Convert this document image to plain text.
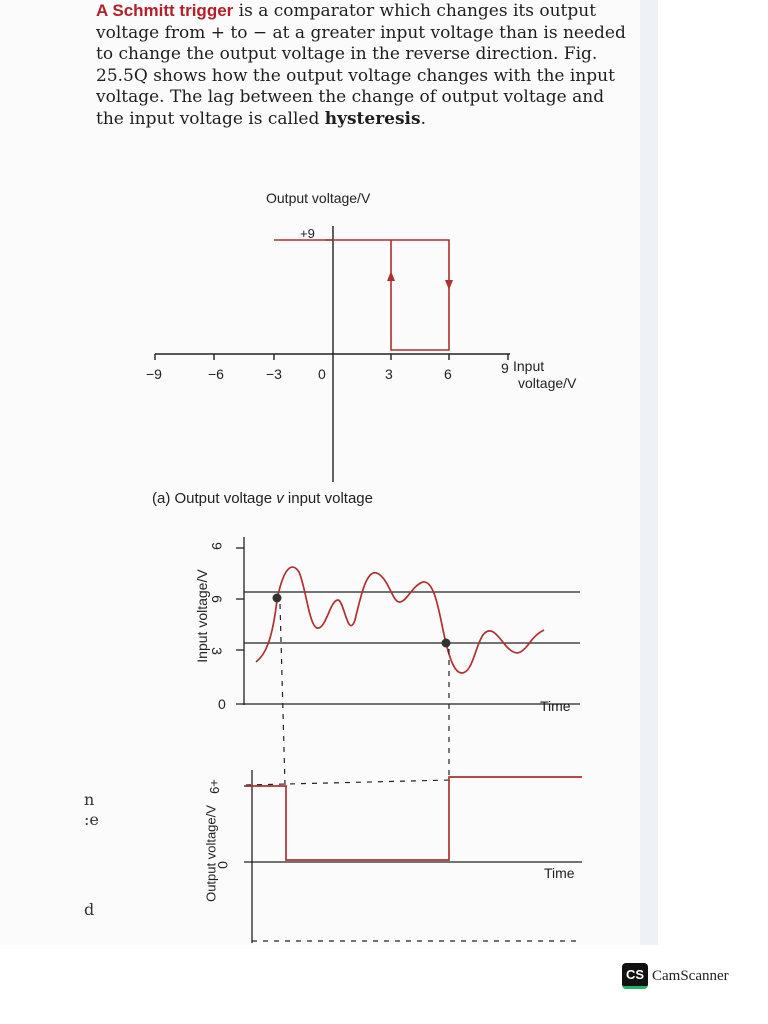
A Schmitt trigger is a comparator which changes its output voltage from + to − at a greater input voltage than is needed to change the output voltage in the reverse direction. Fig. 25.5Q shows how the output voltage changes with the input voltage. The lag between the change of output voltage and the input voltage is called hysteresis.
n
:e
d
Output voltage/V
+9
−9	−6	−3	0	3	6	9 Input
voltage/V
(a) Output voltage v input voltage
Input voltage/V
9
6
3
0	Time
Output voltage/V
+9
0	Time
CS CamScanner
